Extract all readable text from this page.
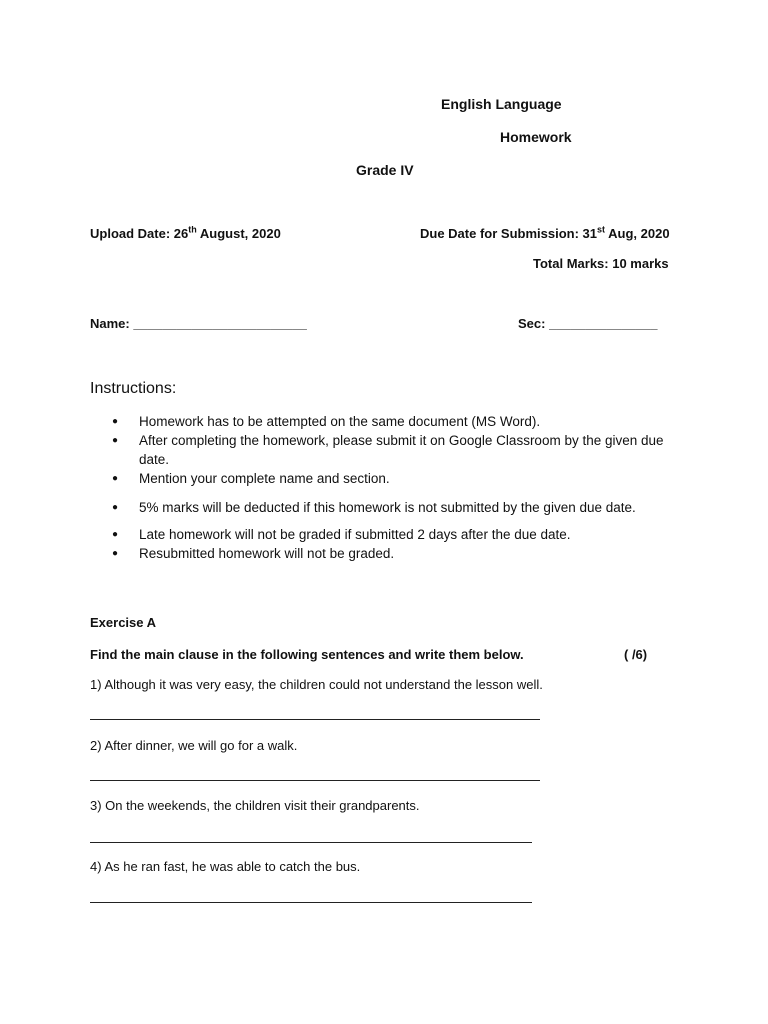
English Language
Homework
Grade IV
Upload Date: 26th August, 2020	Due Date for Submission: 31st Aug, 2020
Total Marks: 10 marks
Name: ________________________	Sec: _______________
Instructions:
● Homework has to be attempted on the same document (MS Word).
● After completing the homework, please submit it on Google Classroom by the given due date.
● Mention your complete name and section.
● 5% marks will be deducted if this homework is not submitted by the given due date.
● Late homework will not be graded if submitted 2 days after the due date.
● Resubmitted homework will not be graded.
Exercise A
Find the main clause in the following sentences and write them below.	( /6)
1) Although it was very easy, the children could not understand the lesson well.
2) After dinner, we will go for a walk.
3) On the weekends, the children visit their grandparents.
4) As he ran fast, he was able to catch the bus.
